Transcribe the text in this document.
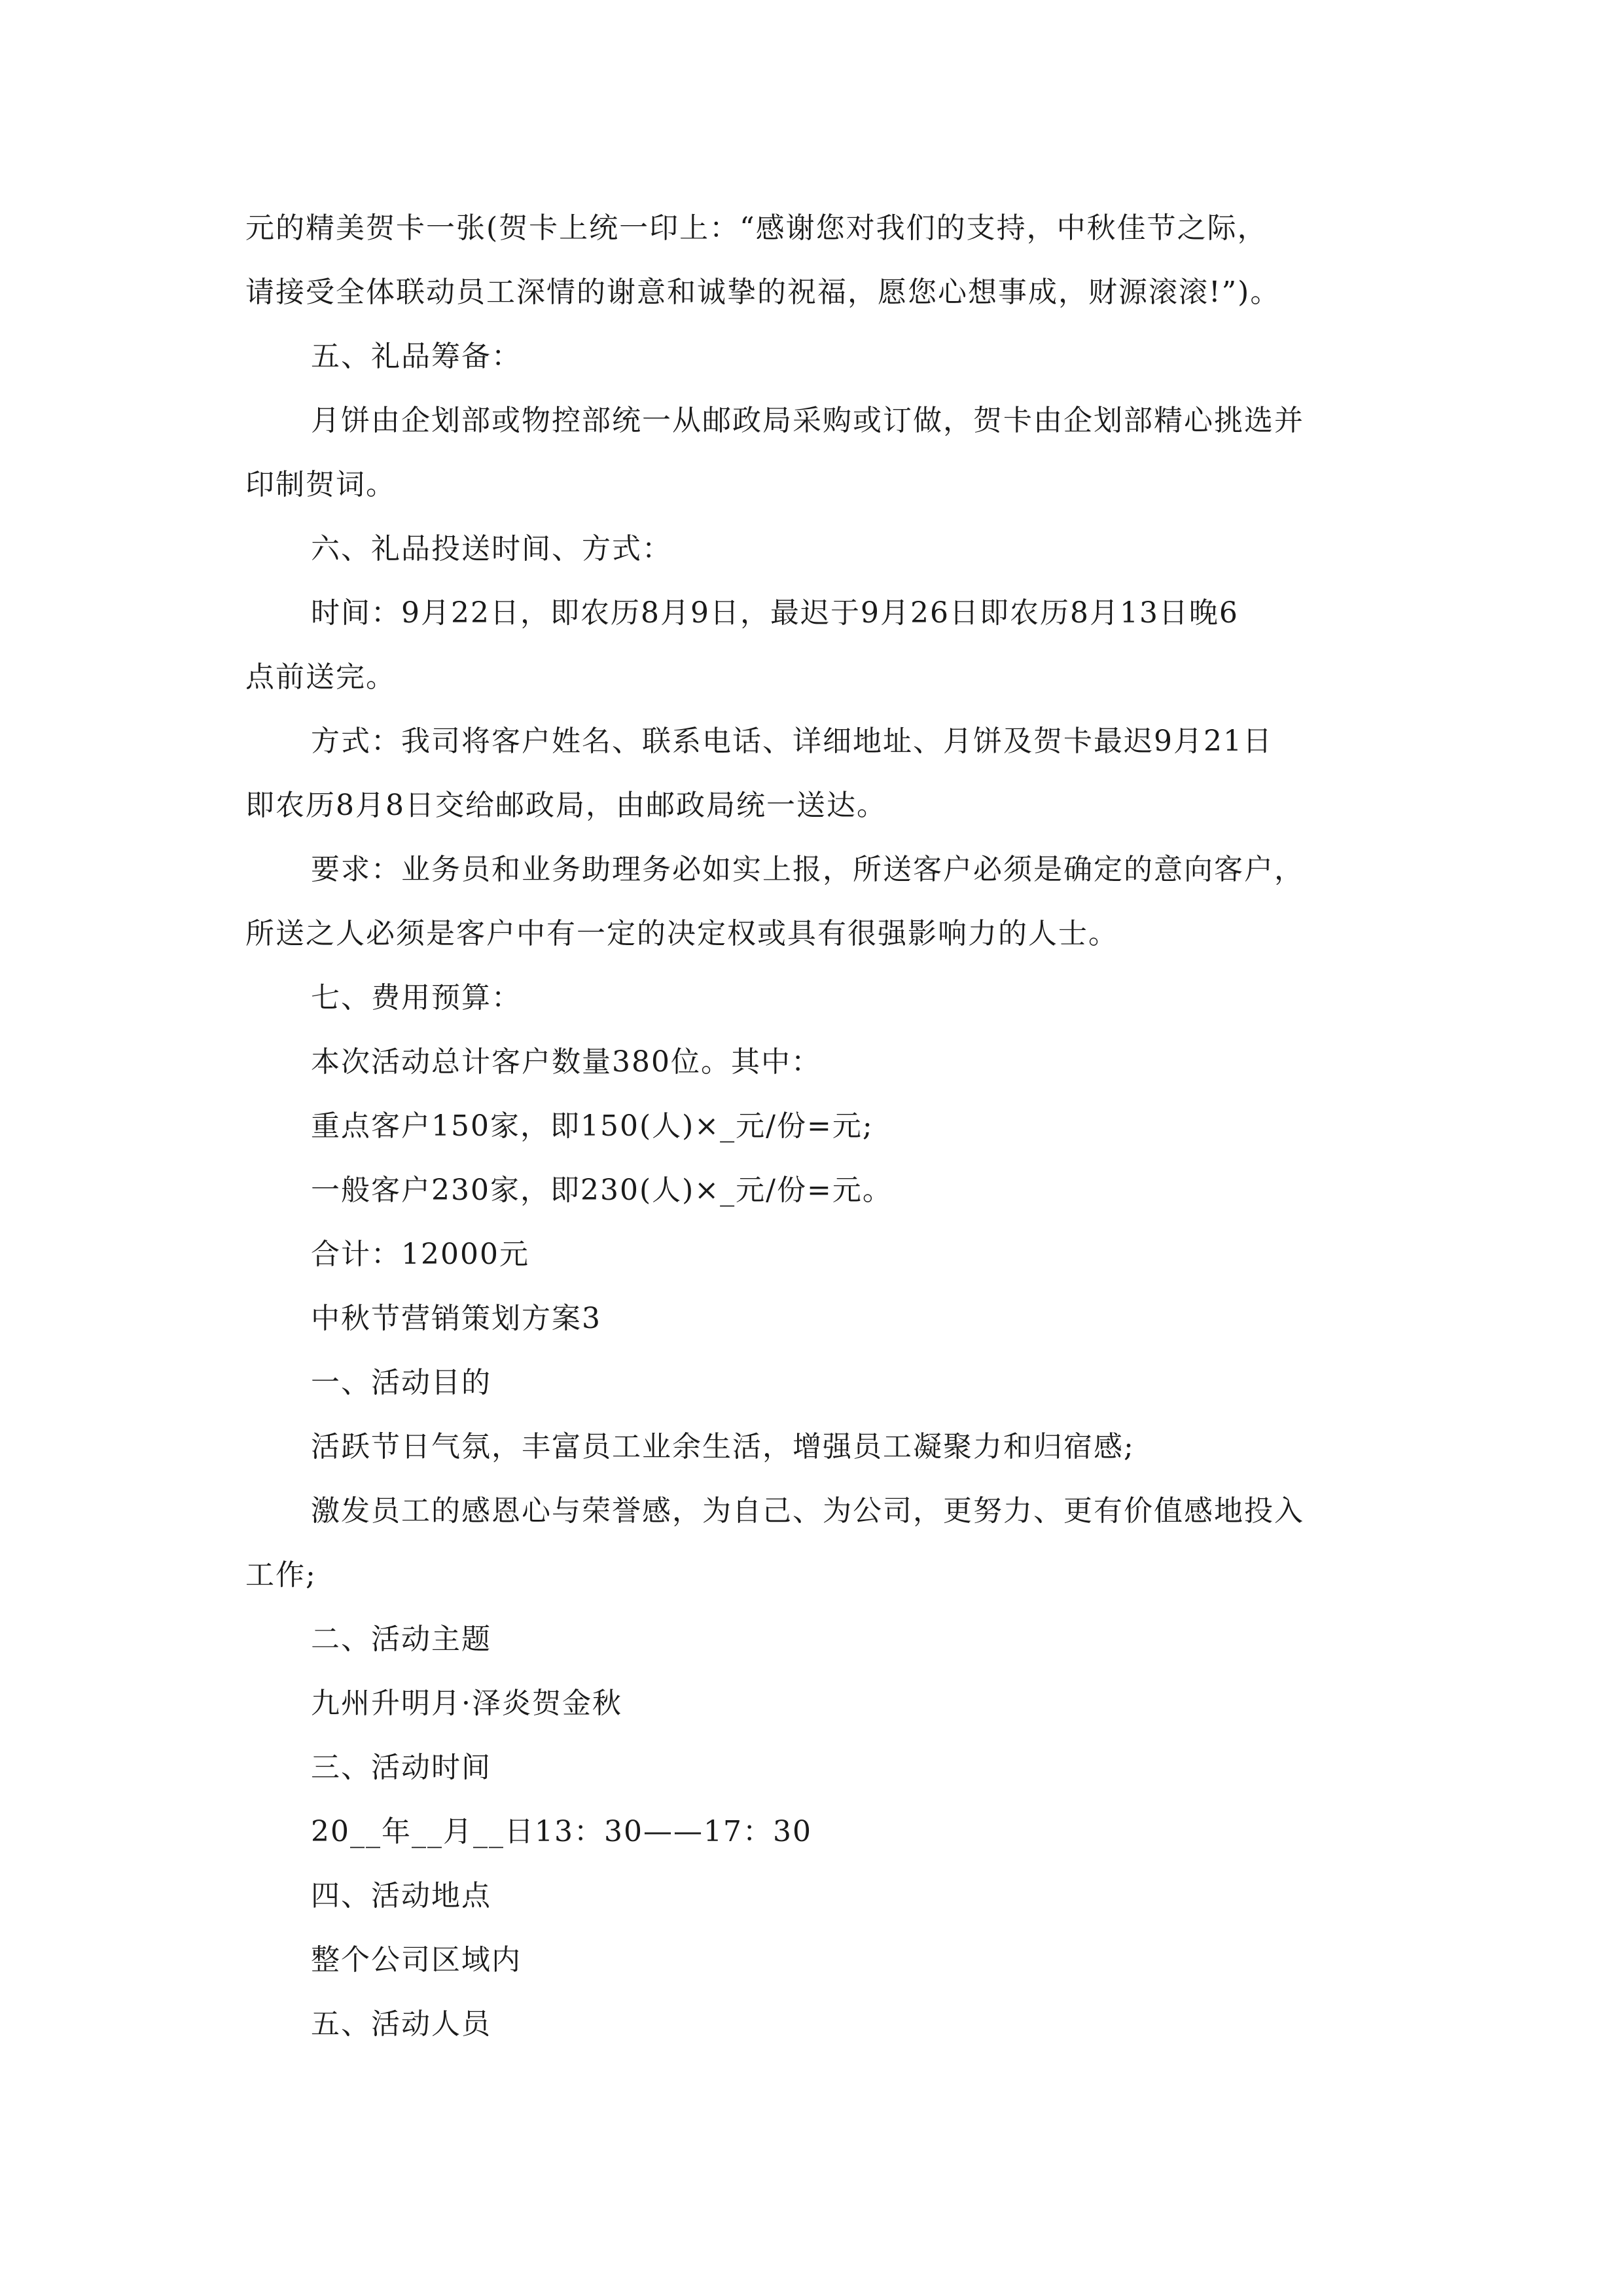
元的精美贺卡一张(贺卡上统一印上：“感谢您对我们的支持，中秋佳节之际，

请接受全体联动员工深情的谢意和诚挚的祝福，愿您心想事成，财源滚滚!”)。

五、礼品筹备：

月饼由企划部或物控部统一从邮政局采购或订做，贺卡由企划部精心挑选并

印制贺词。

六、礼品投送时间、方式：

时间：9月22日，即农历8月9日，最迟于9月26日即农历8月13日晚6

点前送完。

方式：我司将客户姓名、联系电话、详细地址、月饼及贺卡最迟9月21日

即农历8月8日交给邮政局，由邮政局统一送达。

要求：业务员和业务助理务必如实上报，所送客户必须是确定的意向客户，

所送之人必须是客户中有一定的决定权或具有很强影响力的人士。

七、费用预算：

本次活动总计客户数量380位。其中：

重点客户150家，即150(人)×_元/份=元;

一般客户230家，即230(人)×_元/份=元。

合计：12000元

中秋节营销策划方案3

一、活动目的

活跃节日气氛，丰富员工业余生活，增强员工凝聚力和归宿感;

激发员工的感恩心与荣誉感，为自己、为公司，更努力、更有价值感地投入

工作;

二、活动主题

九州升明月·泽炎贺金秋

三、活动时间

20__年__月__日13：30——17：30

四、活动地点

整个公司区域内

五、活动人员
